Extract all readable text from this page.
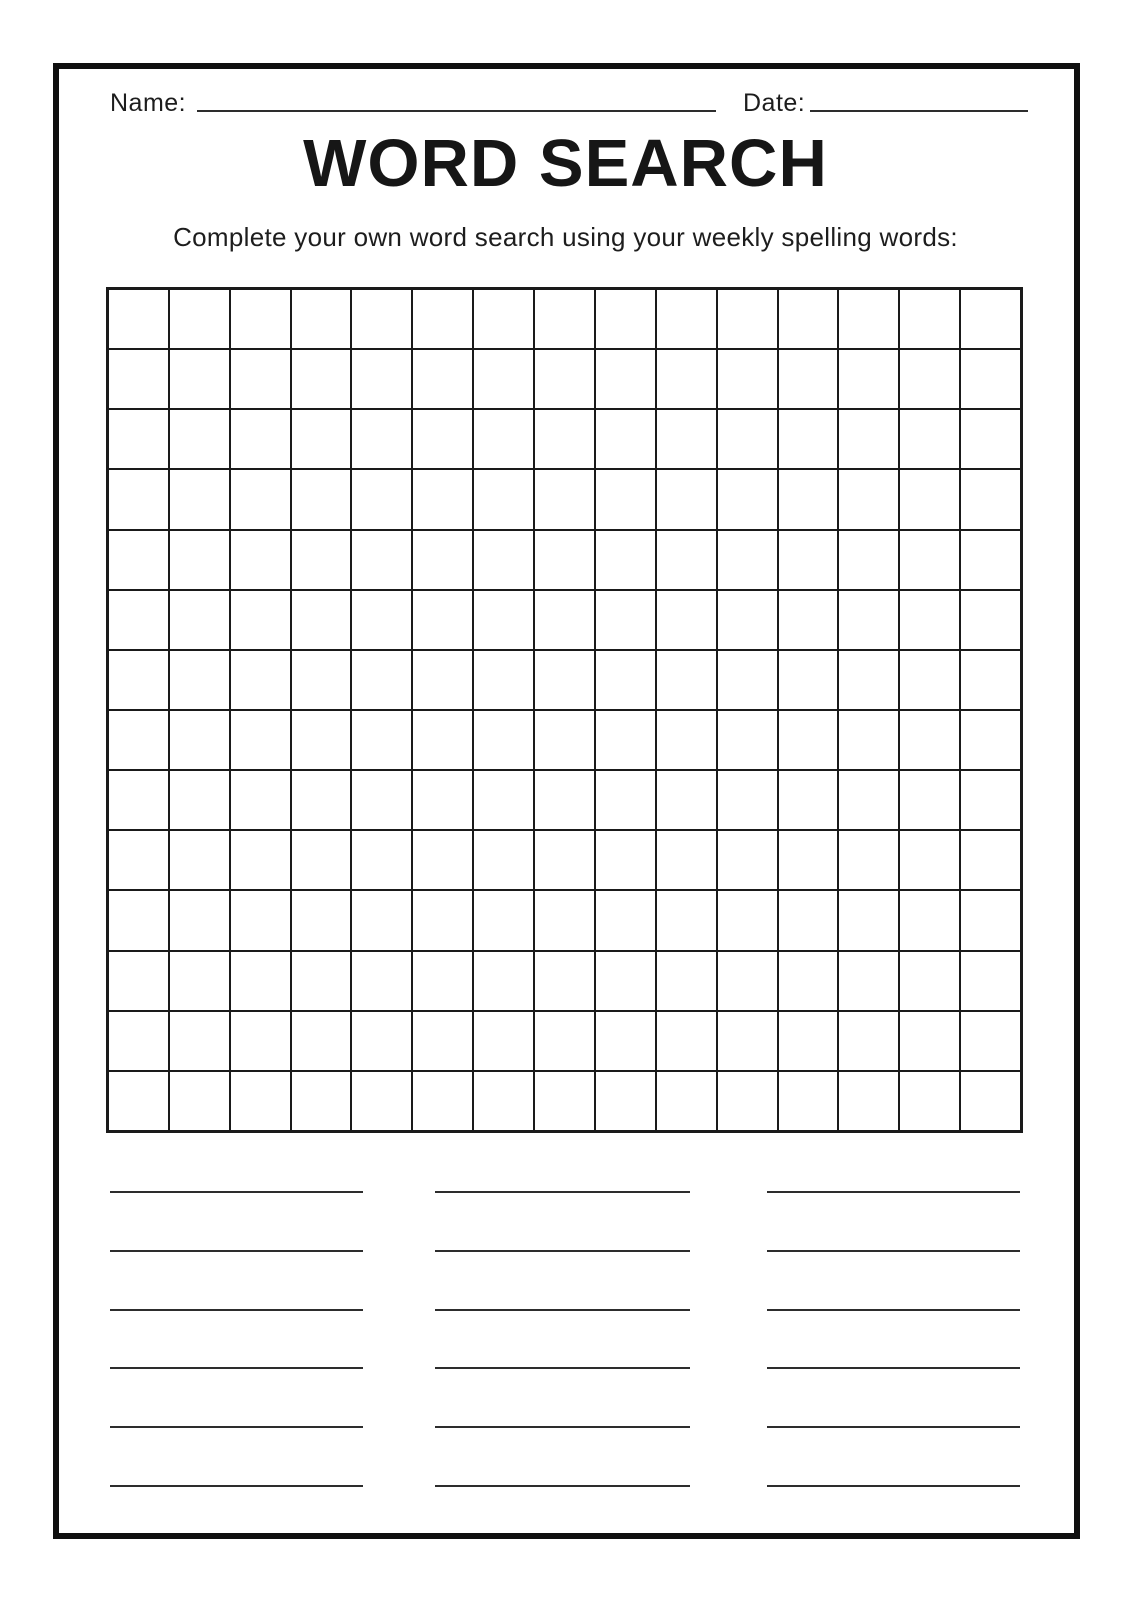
Name:	Date:
WORD SEARCH
Complete your own word search using your weekly spelling words:
